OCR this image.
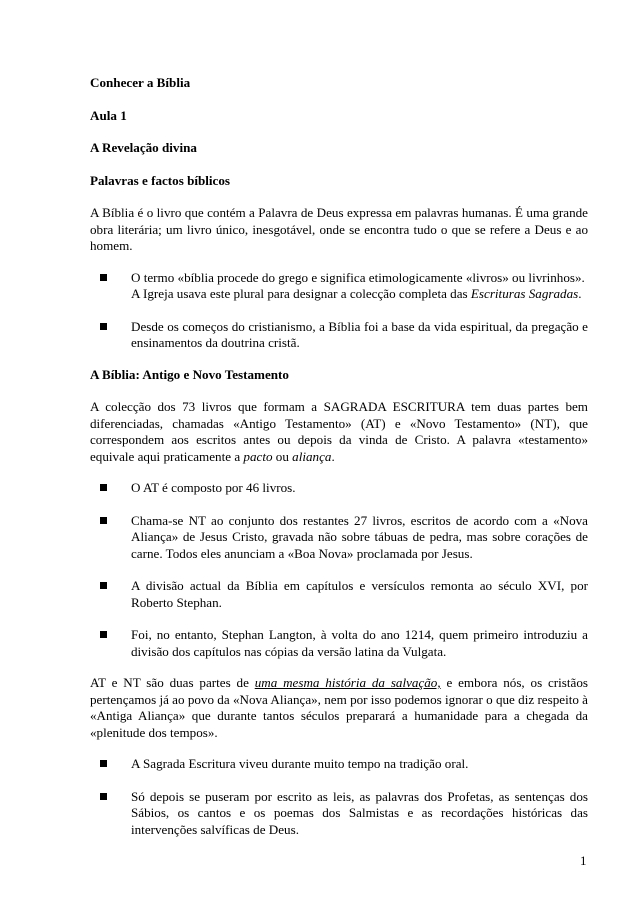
Conhecer a Bíblia

Aula 1

A Revelação divina

Palavras e factos bíblicos

A Bíblia é o livro que contém a Palavra de Deus expressa em palavras humanas. É uma grande obra literária; um livro único, inesgotável, onde se encontra tudo o que se refere a Deus e ao homem.

O termo «bíblia procede do grego e significa etimologicamente «livros» ou livrinhos».
A Igreja usava este plural para designar a colecção completa das Escrituras Sagradas.
Desde os começos do cristianismo, a Bíblia foi a base da vida espiritual, da pregação e ensinamentos da doutrina cristã.

A Bíblia: Antigo e Novo Testamento

A colecção dos 73 livros que formam a SAGRADA ESCRITURA tem duas partes bem diferenciadas, chamadas «Antigo Testamento» (AT) e «Novo Testamento» (NT), que correspondem aos escritos antes ou depois da vinda de Cristo. A palavra «testamento» equivale aqui praticamente a pacto ou aliança.

O AT é composto por 46 livros.
Chama-se NT ao conjunto dos restantes 27 livros, escritos de acordo com a «Nova Aliança» de Jesus Cristo, gravada não sobre tábuas de pedra, mas sobre corações de carne. Todos eles anunciam a «Boa Nova» proclamada por Jesus.
A divisão actual da Bíblia em capítulos e versículos remonta ao século XVI, por Roberto Stephan.
Foi, no entanto, Stephan Langton, à volta do ano 1214, quem primeiro introduziu a divisão dos capítulos nas cópias da versão latina da Vulgata.

AT e NT são duas partes de uma mesma história da salvação, e embora nós, os cristãos pertençamos já ao povo da «Nova Aliança», nem por isso podemos ignorar o que diz respeito à «Antiga Aliança» que durante tantos séculos preparará a humanidade para a chegada da «plenitude dos tempos».

A Sagrada Escritura viveu durante muito tempo na tradição oral.
Só depois se puseram por escrito as leis, as palavras dos Profetas, as sentenças dos Sábios, os cantos e os poemas dos Salmistas e as recordações históricas das intervenções salvíficas de Deus.
1
